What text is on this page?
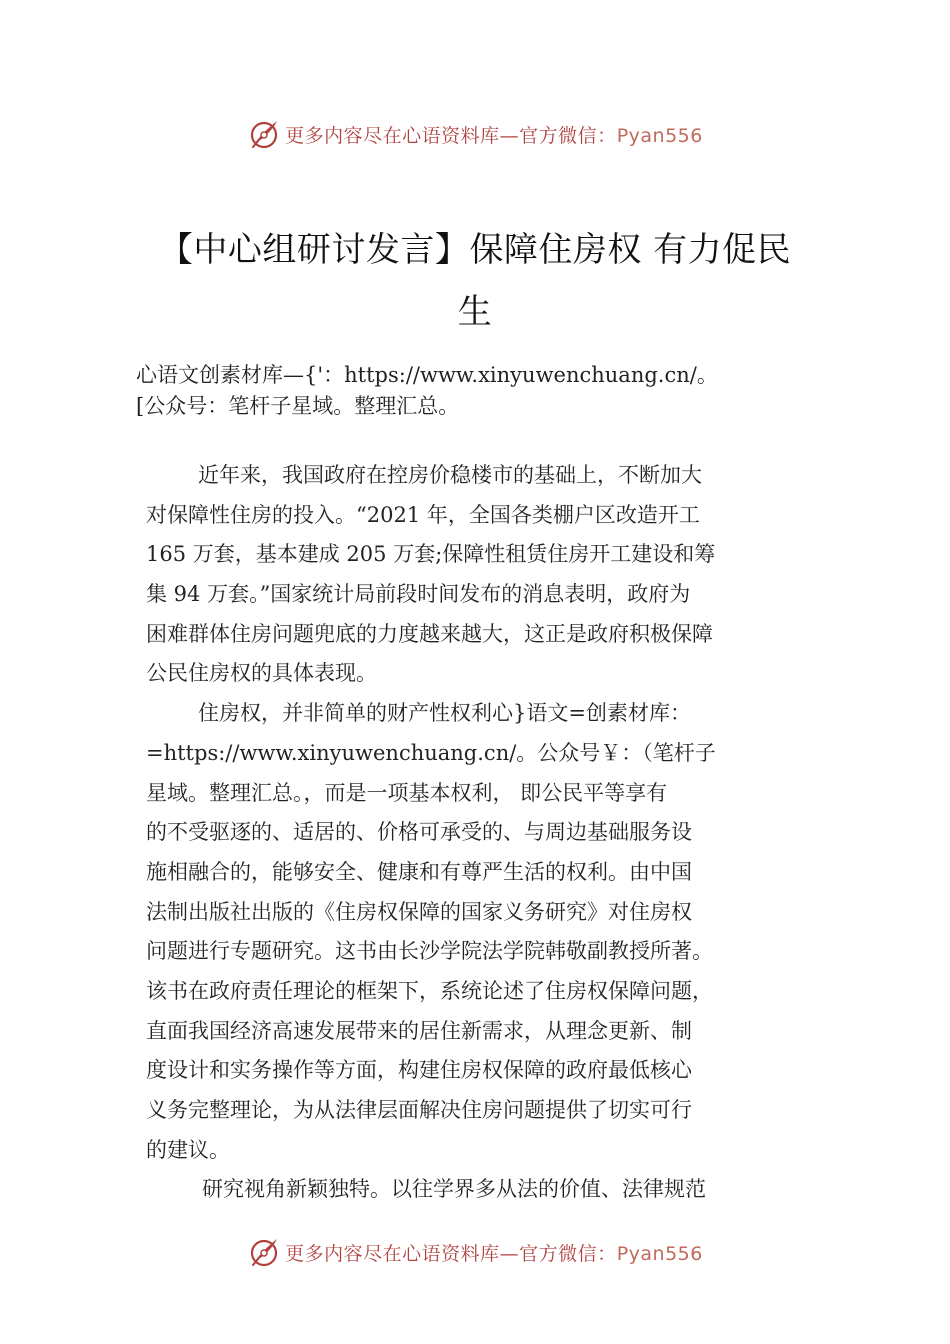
更多内容尽在心语资料库—官方微信：Pyan556
【中心组研讨发言】保障住房权 有力促民
生
心语文创素材库—{'：https://www.xinyuwenchuang.cn/。
[公众号：笔杆子星域。整理汇总。
近年来，我国政府在控房价稳楼市的基础上，不断加大
对保障性住房的投入。“2021 年，全国各类棚户区改造开工
165 万套，基本建成 205 万套;保障性租赁住房开工建设和筹
集 94 万套。”国家统计局前段时间发布的消息表明，政府为
困难群体住房问题兜底的力度越来越大，这正是政府积极保障
公民住房权的具体表现。
住房权，并非简单的财产性权利心}语文=创素材库：
=https://www.xinyuwenchuang.cn/。公众号￥：（笔杆子
星域。整理汇总。，而是一项基本权利， 即公民平等享有
的不受驱逐的、适居的、价格可承受的、与周边基础服务设
施相融合的，能够安全、健康和有尊严生活的权利。由中国
法制出版社出版的《住房权保障的国家义务研究》对住房权
问题进行专题研究。这书由长沙学院法学院韩敬副教授所著。
该书在政府责任理论的框架下，系统论述了住房权保障问题，
直面我国经济高速发展带来的居住新需求，从理念更新、制
度设计和实务操作等方面，构建住房权保障的政府最低核心
义务完整理论，为从法律层面解决住房问题提供了切实可行
的建议。
研究视角新颖独特。以往学界多从法的价值、法律规范
更多内容尽在心语资料库—官方微信：Pyan556
